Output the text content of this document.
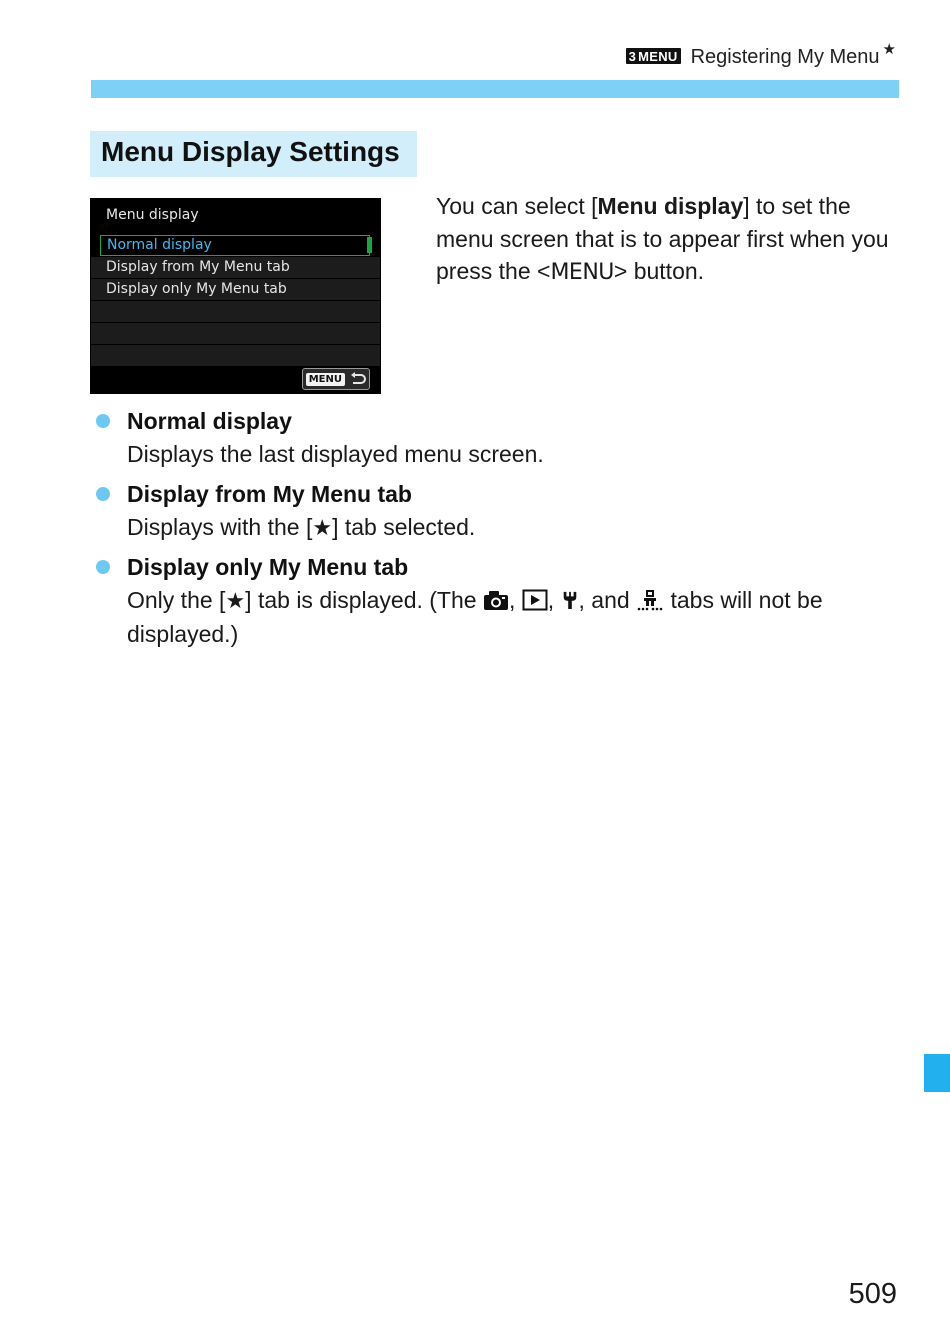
3 MENU Registering My Menu ★
Menu Display Settings
Menu display
Normal display
Display from My Menu tab
Display only My Menu tab
MENU
You can select [Menu display] to set the menu screen that is to appear first when you press the <MENU> button.
Normal display
Displays the last displayed menu screen.
Display from My Menu tab
Displays with the [★] tab selected.
Display only My Menu tab
Only the [★] tab is displayed. (The , , , and  tabs will not be displayed.)
509
